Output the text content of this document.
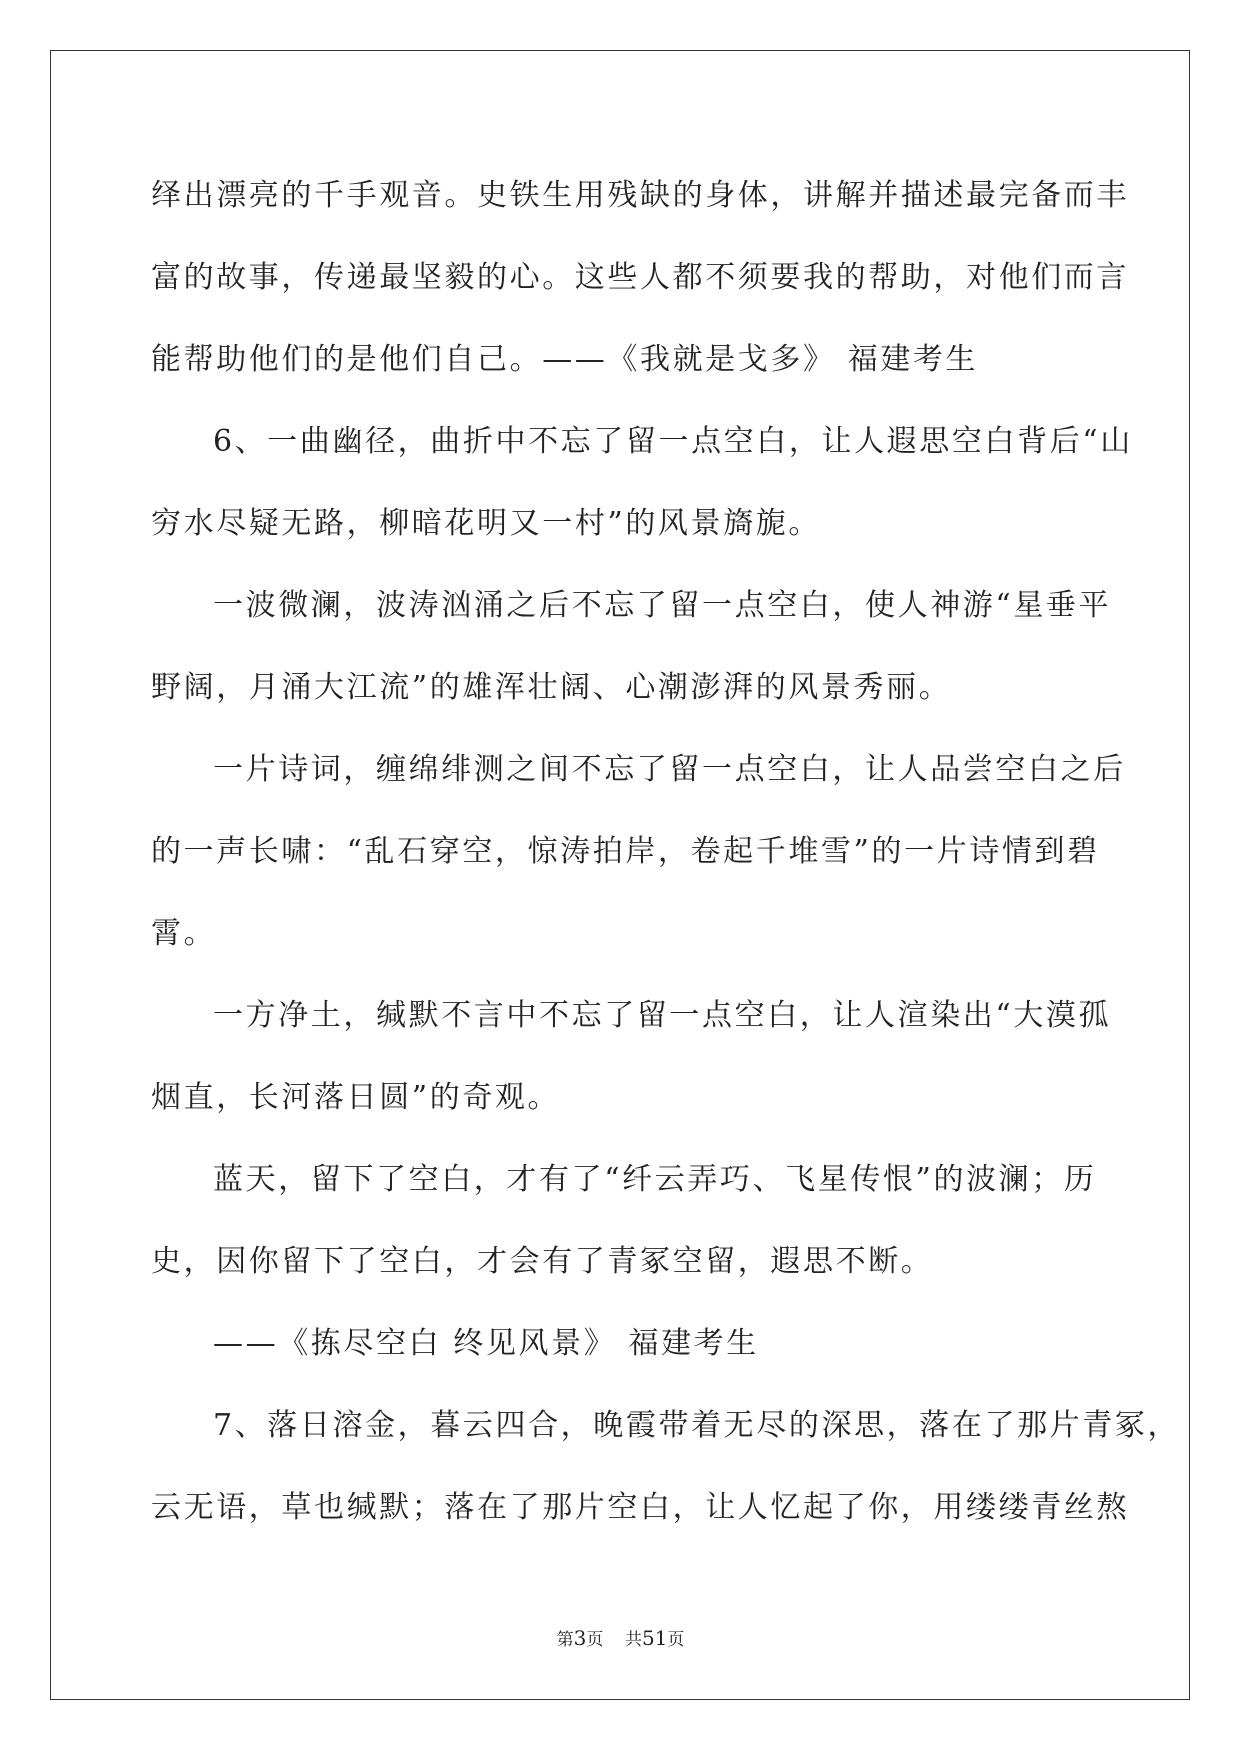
绎出漂亮的千手观音。史铁生用残缺的身体，讲解并描述最完备而丰
富的故事，传递最坚毅的心。这些人都不须要我的帮助，对他们而言
能帮助他们的是他们自己。——《我就是戈多》 福建考生
6、一曲幽径，曲折中不忘了留一点空白，让人遐思空白背后“山
穷水尽疑无路，柳暗花明又一村”的风景旖旎。
一波微澜，波涛汹涌之后不忘了留一点空白，使人神游“星垂平
野阔，月涌大江流”的雄浑壮阔、心潮澎湃的风景秀丽。
一片诗词，缠绵绯测之间不忘了留一点空白，让人品尝空白之后
的一声长啸：“乱石穿空，惊涛拍岸，卷起千堆雪”的一片诗情到碧
霄。
一方净土，缄默不言中不忘了留一点空白，让人渲染出“大漠孤
烟直，长河落日圆”的奇观。
蓝天，留下了空白，才有了“纤云弄巧、飞星传恨”的波澜；历
史，因你留下了空白，才会有了青冢空留，遐思不断。
——《拣尽空白 终见风景》 福建考生
7、落日溶金，暮云四合，晚霞带着无尽的深思，落在了那片青冢，
云无语，草也缄默；落在了那片空白，让人忆起了你，用缕缕青丝熬
第3页 共51页
